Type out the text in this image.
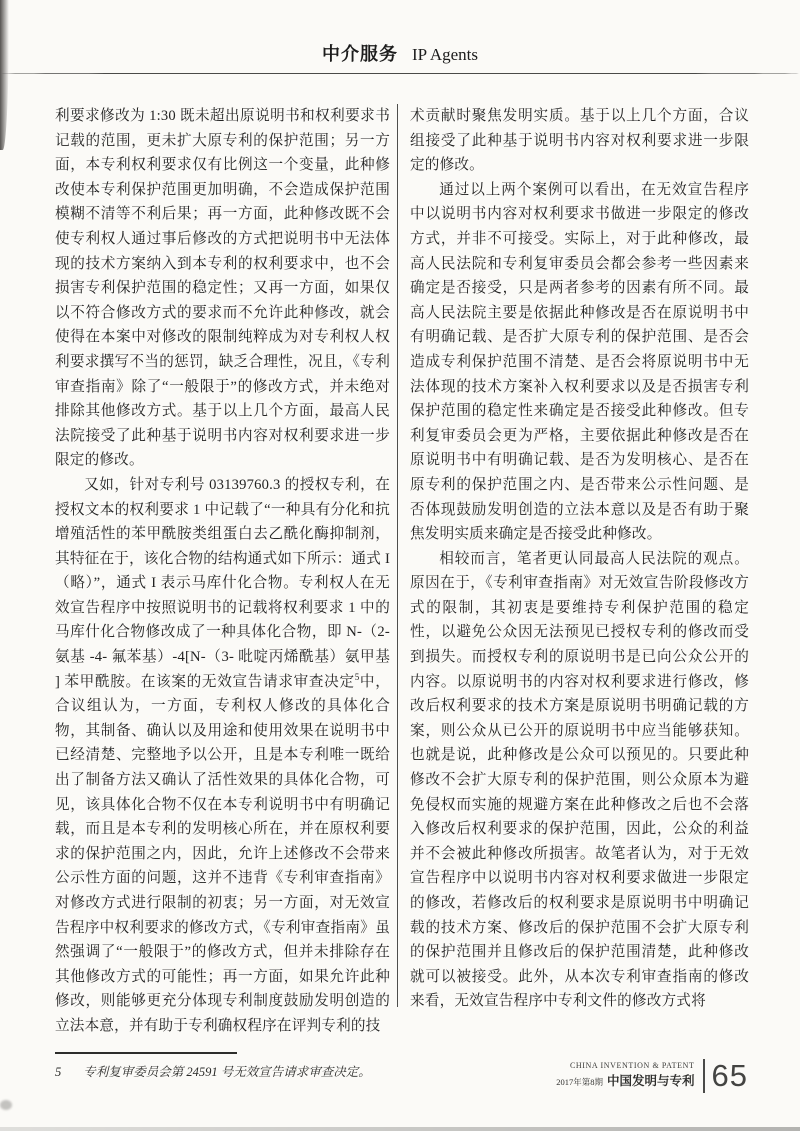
中介服务 IP Agents

利要求修改为 1:30 既未超出原说明书和权利要求书记载的范围，更未扩大原专利的保护范围；另一方面，本专利权利要求仅有比例这一个变量，此种修改使本专利保护范围更加明确，不会造成保护范围模糊不清等不利后果；再一方面，此种修改既不会使专利权人通过事后修改的方式把说明书中无法体现的技术方案纳入到本专利的权利要求中，也不会损害专利保护范围的稳定性；又再一方面，如果仅以不符合修改方式的要求而不允许此种修改，就会使得在本案中对修改的限制纯粹成为对专利权人权利要求撰写不当的惩罚，缺乏合理性，况且，《专利审查指南》除了“一般限于”的修改方式，并未绝对排除其他修改方式。基于以上几个方面，最高人民法院接受了此种基于说明书内容对权利要求进一步限定的修改。

又如，针对专利号 03139760.3 的授权专利，在授权文本的权利要求 1 中记载了“一种具有分化和抗增殖活性的苯甲酰胺类组蛋白去乙酰化酶抑制剂，其特征在于，该化合物的结构通式如下所示：通式 I（略）”，通式 I 表示马库什化合物。专利权人在无效宣告程序中按照说明书的记载将权利要求 1 中的马库什化合物修改成了一种具体化合物，即 N-（2- 氨基 -4- 氟苯基）-4[N-（3- 吡啶丙烯酰基）氨甲基 ] 苯甲酰胺。在该案的无效宣告请求审查决定$^5$中，合议组认为，一方面，专利权人修改的具体化合物，其制备、确认以及用途和使用效果在说明书中已经清楚、完整地予以公开，且是本专利唯一既给出了制备方法又确认了活性效果的具体化合物，可见，该具体化合物不仅在本专利说明书中有明确记载，而且是本专利的发明核心所在，并在原权利要求的保护范围之内，因此，允许上述修改不会带来公示性方面的问题，这并不违背《专利审查指南》对修改方式进行限制的初衷；另一方面，对无效宣告程序中权利要求的修改方式，《专利审查指南》虽然强调了“一般限于”的修改方式，但并未排除存在其他修改方式的可能性；再一方面，如果允许此种修改，则能够更充分体现专利制度鼓励发明创造的立法本意，并有助于专利确权程序在评判专利的技

5 专利复审委员会第 24591 号无效宣告请求审查决定。

术贡献时聚焦发明实质。基于以上几个方面，合议组接受了此种基于说明书内容对权利要求进一步限定的修改。

通过以上两个案例可以看出，在无效宣告程序中以说明书内容对权利要求书做进一步限定的修改方式，并非不可接受。实际上，对于此种修改，最高人民法院和专利复审委员会都会参考一些因素来确定是否接受，只是两者参考的因素有所不同。最高人民法院主要是依据此种修改是否在原说明书中有明确记载、是否扩大原专利的保护范围、是否会造成专利保护范围不清楚、是否会将原说明书中无法体现的技术方案补入权利要求以及是否损害专利保护范围的稳定性来确定是否接受此种修改。但专利复审委员会更为严格，主要依据此种修改是否在原说明书中有明确记载、是否为发明核心、是否在原专利的保护范围之内、是否带来公示性问题、是否体现鼓励发明创造的立法本意以及是否有助于聚焦发明实质来确定是否接受此种修改。

相较而言，笔者更认同最高人民法院的观点。原因在于，《专利审查指南》对无效宣告阶段修改方式的限制，其初衷是要维持专利保护范围的稳定性，以避免公众因无法预见已授权专利的修改而受到损失。而授权专利的原说明书是已向公众公开的内容。以原说明书的内容对权利要求进行修改，修改后权利要求的技术方案是原说明书明确记载的方案，则公众从已公开的原说明书中应当能够获知。也就是说，此种修改是公众可以预见的。只要此种修改不会扩大原专利的保护范围，则公众原本为避免侵权而实施的规避方案在此种修改之后也不会落入修改后权利要求的保护范围，因此，公众的利益并不会被此种修改所损害。故笔者认为，对于无效宣告程序中以说明书内容对权利要求做进一步限定的修改，若修改后的权利要求是原说明书中明确记载的技术方案、修改后的保护范围不会扩大原专利的保护范围并且修改后的保护范围清楚，此种修改就可以被接受。此外，从本次专利审查指南的修改来看，无效宣告程序中专利文件的修改方式将

CHINA INVENTION & PATENT
2017年第8期 中国发明与专利 65
